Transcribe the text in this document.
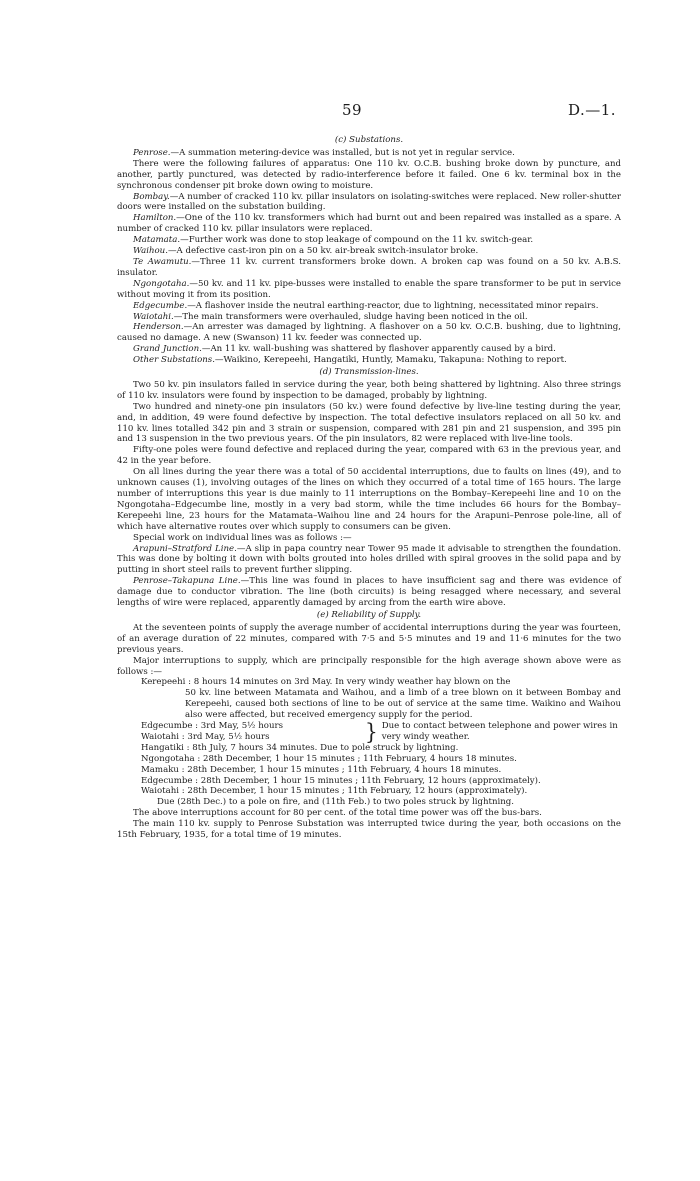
59	D.—1.

(c) Substations.

Penrose.—A summation metering-device was installed, but is not yet in regular service.

There were the following failures of apparatus: One 110 kv. O.C.B. bushing broke down by puncture, and another, partly punctured, was detected by radio-interference before it failed. One 6 kv. terminal box in the synchronous condenser pit broke down owing to moisture.

Bombay.—A number of cracked 110 kv. pillar insulators on isolating-switches were replaced. New roller-shutter doors were installed on the substation building.

Hamilton.—One of the 110 kv. transformers which had burnt out and been repaired was installed as a spare. A number of cracked 110 kv. pillar insulators were replaced.

Matamata.—Further work was done to stop leakage of compound on the 11 kv. switch-gear.

Waihou.—A defective cast-iron pin on a 50 kv. air-break switch-insulator broke.

Te Awamutu.—Three 11 kv. current transformers broke down. A broken cap was found on a 50 kv. A.B.S. insulator.

Ngongotaha.—50 kv. and 11 kv. pipe-busses were installed to enable the spare transformer to be put in service without moving it from its position.

Edgecumbe.—A flashover inside the neutral earthing-reactor, due to lightning, necessitated minor repairs.

Waiotahi.—The main transformers were overhauled, sludge having been noticed in the oil.

Henderson.—An arrester was damaged by lightning. A flashover on a 50 kv. O.C.B. bushing, due to lightning, caused no damage. A new (Swanson) 11 kv. feeder was connected up.

Grand Junction.—An 11 kv. wall-bushing was shattered by flashover apparently caused by a bird.

Other Substations.—Waikino, Kerepeehi, Hangatiki, Huntly, Mamaku, Takapuna: Nothing to report.

(d) Transmission-lines.

Two 50 kv. pin insulators failed in service during the year, both being shattered by lightning. Also three strings of 110 kv. insulators were found by inspection to be damaged, probably by lightning.

Two hundred and ninety-one pin insulators (50 kv.) were found defective by live-line testing during the year, and, in addition, 49 were found defective by inspection. The total defective insulators replaced on all 50 kv. and 110 kv. lines totalled 342 pin and 3 strain or suspension, compared with 281 pin and 21 suspension, and 395 pin and 13 suspension in the two previous years. Of the pin insulators, 82 were replaced with live-line tools.

Fifty-one poles were found defective and replaced during the year, compared with 63 in the previous year, and 42 in the year before.

On all lines during the year there was a total of 50 accidental interruptions, due to faults on lines (49), and to unknown causes (1), involving outages of the lines on which they occurred of a total time of 165 hours. The large number of interruptions this year is due mainly to 11 interruptions on the Bombay–Kerepeehi line and 10 on the Ngongotaha–Edgecumbe line, mostly in a very bad storm, while the time includes 66 hours for the Bombay–Kerepeehi line, 23 hours for the Matamata–Waihou line and 24 hours for the Arapuni–Penrose pole-line, all of which have alternative routes over which supply to consumers can be given.

Special work on individual lines was as follows :—

Arapuni–Stratford Line.—A slip in papa country near Tower 95 made it advisable to strengthen the foundation. This was done by bolting it down with bolts grouted into holes drilled with spiral grooves in the solid papa and by putting in short steel rails to prevent further slipping.

Penrose–Takapuna Line.—This line was found in places to have insufficient sag and there was evidence of damage due to conductor vibration. The line (both circuits) is being resagged where necessary, and several lengths of wire were replaced, apparently damaged by arcing from the earth wire above.

(e) Reliability of Supply.

At the seventeen points of supply the average number of accidental interruptions during the year was fourteen, of an average duration of 22 minutes, compared with 7·5 and 5·5 minutes and 19 and 11·6 minutes for the two previous years.

Major interruptions to supply, which are principally responsible for the high average shown above were as follows :—

Kerepeehi : 8 hours 14 minutes on 3rd May. In very windy weather hay blown on the

50 kv. line between Matamata and Waihou, and a limb of a tree blown on it between Bombay and Kerepeehi, caused both sections of line to be out of service at the same time. Waikino and Waihou also were affected, but received emergency supply for the period.

Edgecumbe : 3rd May, 5½ hours
Waiotahi : 3rd May, 5½ hours	} Due to contact between telephone and power wires in
very windy weather.

Hangatiki : 8th July, 7 hours 34 minutes. Due to pole struck by lightning.

Ngongotaha : 28th December, 1 hour 15 minutes ; 11th February, 4 hours 18 minutes.

Mamaku : 28th December, 1 hour 15 minutes ; 11th February, 4 hours 18 minutes.

Edgecumbe : 28th December, 1 hour 15 minutes ; 11th February, 12 hours (approximately).

Waiotahi : 28th December, 1 hour 15 minutes ; 11th February, 12 hours (approximately).

Due (28th Dec.) to a pole on fire, and (11th Feb.) to two poles struck by lightning.

The above interruptions account for 80 per cent. of the total time power was off the bus-bars.

The main 110 kv. supply to Penrose Substation was interrupted twice during the year, both occasions on the 15th February, 1935, for a total time of 19 minutes.
